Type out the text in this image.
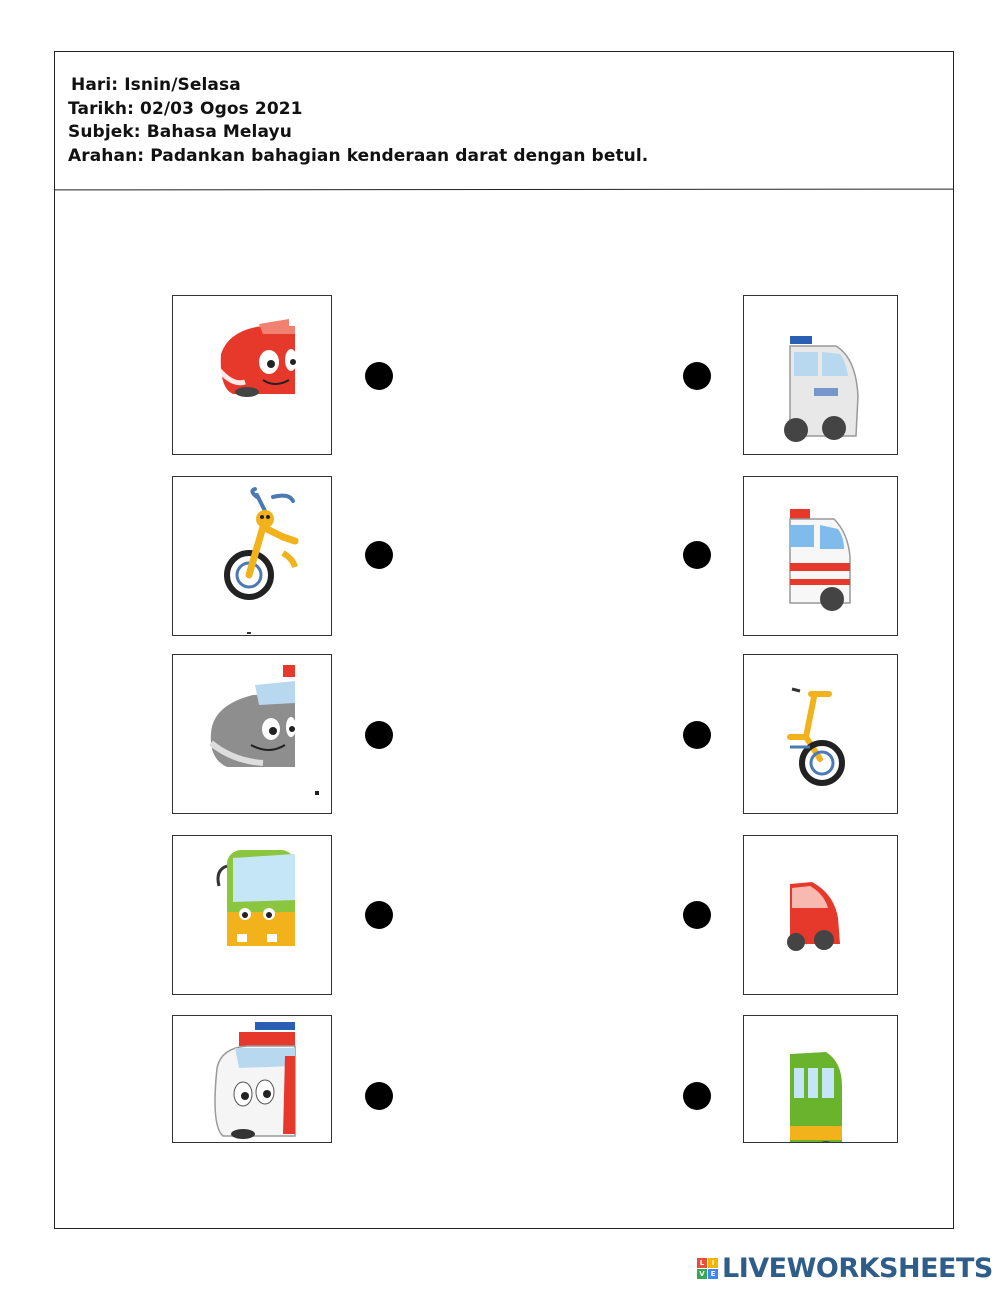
Hari: Isnin/Selasa
Tarikh: 02/03 Ogos 2021
Subjek: Bahasa Melayu
Arahan: Padankan bahagian kenderaan darat dengan betul.
L	I
V E LIVEWORKSHEETS
